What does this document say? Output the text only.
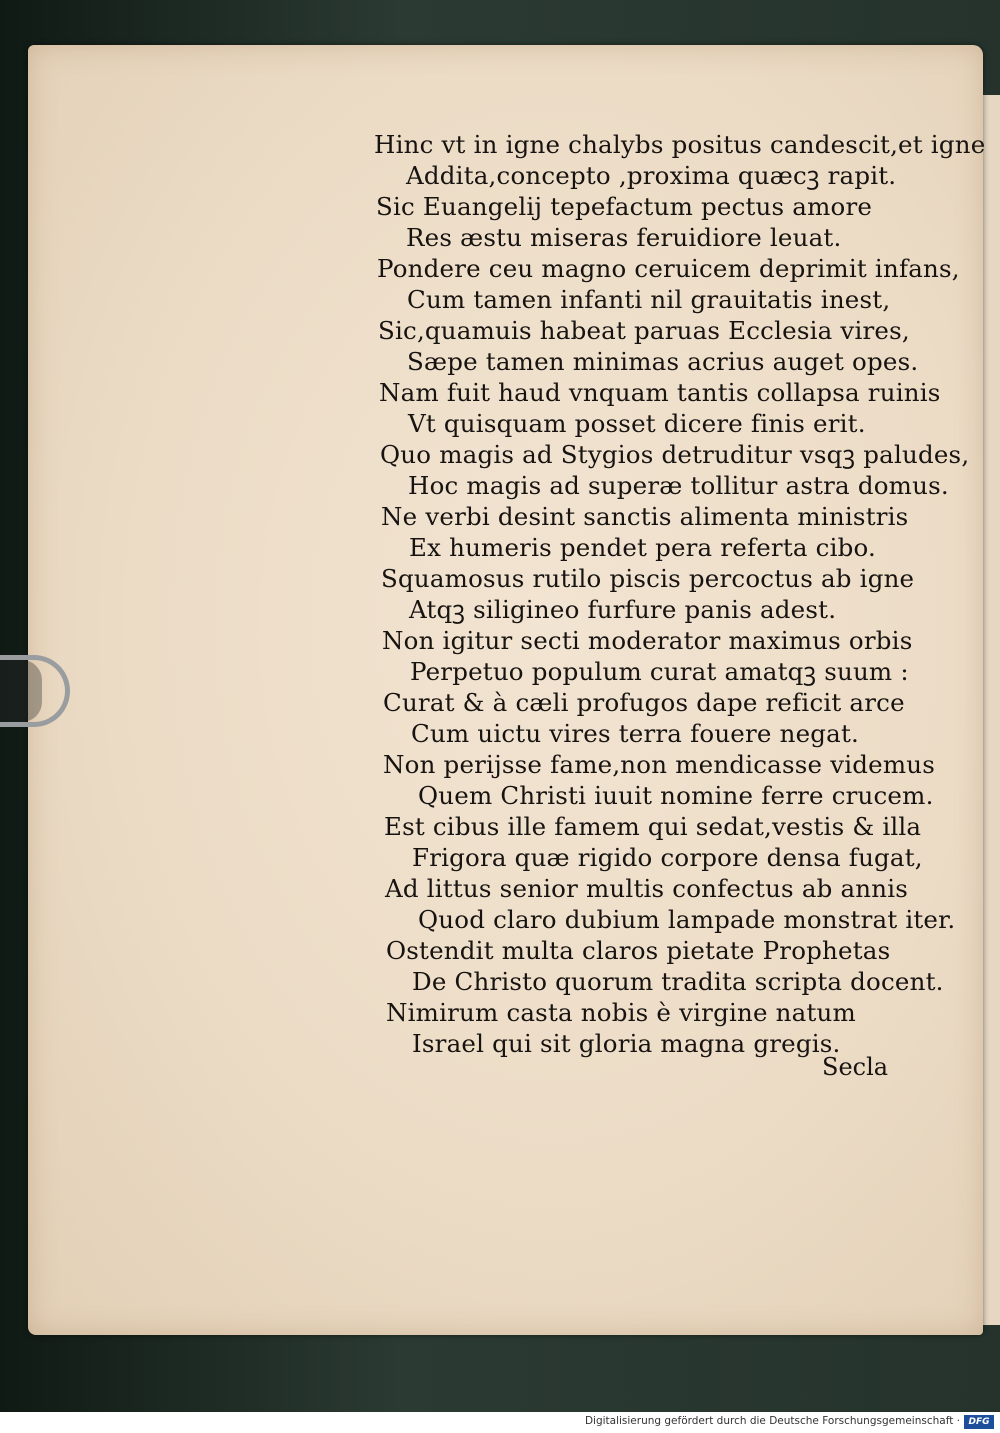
Hinc vt in igne chalybs positus candescit,et igne
Addita,concepto ,proxima quæcꝫ rapit.
Sic Euangelij tepefactum pectus amore
Res æstu miseras feruidiore leuat.
Pondere ceu magno ceruicem deprimit infans,
Cum tamen infanti nil grauitatis inest,
Sic,quamuis habeat paruas Ecclesia vires,
Sæpe tamen minimas acrius auget opes.
Nam fuit haud vnquam tantis collapsa ruinis
Vt quisquam posset dicere finis erit.
Quo magis ad Stygios detruditur vsqꝫ paludes,
Hoc magis ad superæ tollitur astra domus.
Ne verbi desint sanctis alimenta ministris
Ex humeris pendet pera referta cibo.
Squamosus rutilo piscis percoctus ab igne
Atqꝫ siligineo furfure panis adest.
Non igitur secti moderator maximus orbis
Perpetuo populum curat amatqꝫ suum :
Curat & à cæli profugos dape reficit arce
Cum uictu vires terra fouere negat.
Non perijsse fame,non mendicasse videmus
Quem Christi iuuit nomine ferre crucem.
Est cibus ille famem qui sedat,vestis & illa
Frigora quæ rigido corpore densa fugat,
Ad littus senior multis confectus ab annis
Quod claro dubium lampade monstrat iter.
Ostendit multa claros pietate Prophetas
De Christo quorum tradita scripta docent.
Nimirum casta nobis è virgine natum
Israel qui sit gloria magna gregis.
Secla
Digitalisierung gefördert durch die Deutsche Forschungsgemeinschaft · DFG
